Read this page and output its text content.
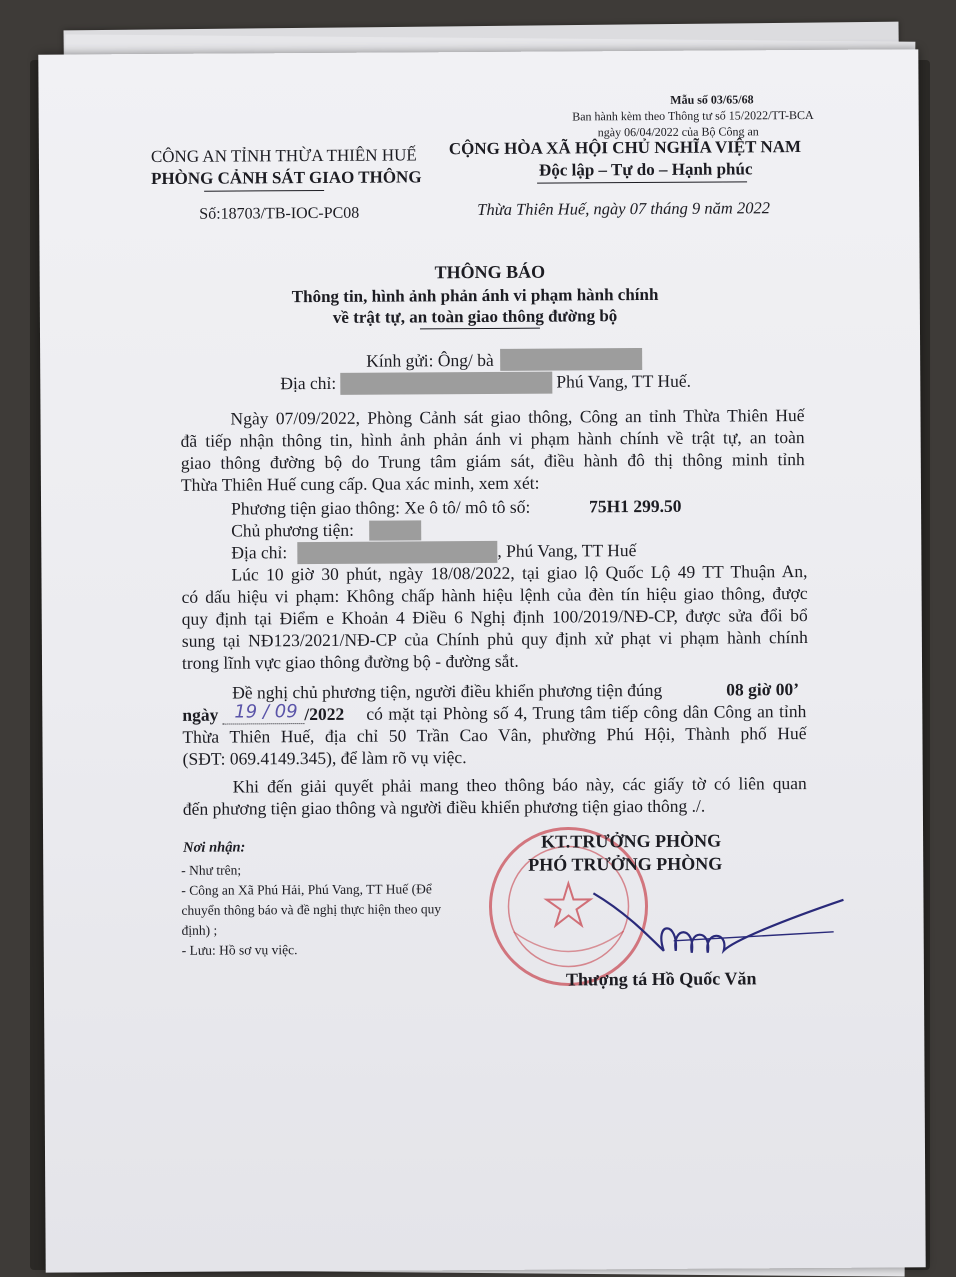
Mẫu số 03/65/68
Ban hành kèm theo Thông tư số 15/2022/TT-BCA
ngày 06/04/2022 của Bộ Công an
CÔNG AN TỈNH THỪA THIÊN HUẾ
PHÒNG CẢNH SÁT GIAO THÔNG
Số:18703/TB-IOC-PC08
CỘNG HÒA XÃ HỘI CHỦ NGHĨA VIỆT NAM
Độc lập – Tự do – Hạnh phúc
Thừa Thiên Huế, ngày 07 tháng 9 năm 2022
THÔNG BÁO
Thông tin, hình ảnh phản ánh vi phạm hành chính
về trật tự, an toàn giao thông đường bộ
Kính gửi: Ông/ bà
Địa chỉ:	Phú Vang, TT Huế.
Ngày 07/09/2022, Phòng Cảnh sát giao thông, Công an tỉnh Thừa Thiên Huế
đã tiếp nhận thông tin, hình ảnh phản ánh vi phạm hành chính về trật tự, an toàn
giao thông đường bộ do Trung tâm giám sát, điều hành đô thị thông minh tỉnh
Thừa Thiên Huế cung cấp. Qua xác minh, xem xét:
Phương tiện giao thông: Xe ô tô/ mô tô số:	75H1 299.50
Chủ phương tiện:
Địa chỉ:	, Phú Vang, TT Huế
Lúc 10 giờ 30 phút, ngày 18/08/2022, tại giao lộ Quốc Lộ 49 TT Thuận An,
có dấu hiệu vi phạm: Không chấp hành hiệu lệnh của đèn tín hiệu giao thông, được
quy định tại Điểm e Khoản 4 Điều 6 Nghị định 100/2019/NĐ-CP, được sửa đổi bổ
sung tại NĐ123/2021/NĐ-CP của Chính phủ quy định xử phạt vi phạm hành chính
trong lĩnh vực giao thông đường bộ - đường sắt.
Đề nghị chủ phương tiện, người điều khiển phương tiện đúng	08 giờ 00’
ngày 19 / 09 /2022 có mặt tại Phòng số 4, Trung tâm tiếp công dân Công an tỉnh
Thừa Thiên Huế, địa chỉ 50 Trần Cao Vân, phường Phú Hội, Thành phố Huế
(SĐT: 069.4149.345), để làm rõ vụ việc.
Khi đến giải quyết phải mang theo thông báo này, các giấy tờ có liên quan
đến phương tiện giao thông và người điều khiển phương tiện giao thông ./.
Nơi nhận:
- Như trên;
- Công an Xã Phú Hải, Phú Vang, TT Huế (Để
chuyển thông báo và đề nghị thực hiện theo quy
định) ;
- Lưu: Hồ sơ vụ việc.
KT.TRƯỞNG PHÒNG
PHÓ TRƯỞNG PHÒNG
Thượng tá Hồ Quốc Văn
